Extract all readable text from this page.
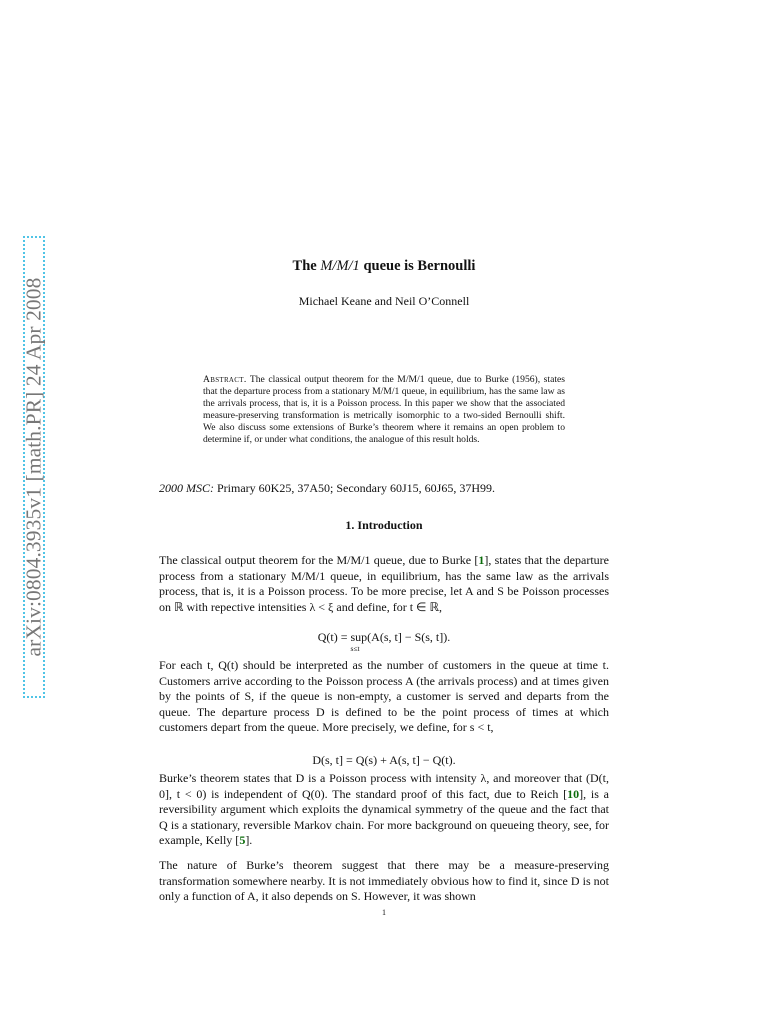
arXiv:0804.3935v1 [math.PR] 24 Apr 2008
The M/M/1 queue is Bernoulli
Michael Keane and Neil O’Connell
Abstract. The classical output theorem for the M/M/1 queue, due to Burke (1956), states that the departure process from a stationary M/M/1 queue, in equilibrium, has the same law as the arrivals process, that is, it is a Poisson process. In this paper we show that the associated measure-preserving transformation is metrically isomorphic to a two-sided Bernoulli shift. We also discuss some extensions of Burke’s theorem where it remains an open problem to determine if, or under what conditions, the analogue of this result holds.
2000 MSC: Primary 60K25, 37A50; Secondary 60J15, 60J65, 37H99.
1. Introduction
The classical output theorem for the M/M/1 queue, due to Burke [1], states that the departure process from a stationary M/M/1 queue, in equilibrium, has the same law as the arrivals process, that is, it is a Poisson process. To be more precise, let A and S be Poisson processes on ℝ with repective intensities λ < ξ and define, for t ∈ ℝ,
Q(t) = sup(A(s, t] − S(s, t]).
s≤t
For each t, Q(t) should be interpreted as the number of customers in the queue at time t. Customers arrive according to the Poisson process A (the arrivals process) and at times given by the points of S, if the queue is non-empty, a customer is served and departs from the queue. The departure process D is defined to be the point process of times at which customers depart from the queue. More precisely, we define, for s < t,
D(s, t] = Q(s) + A(s, t] − Q(t).
Burke’s theorem states that D is a Poisson process with intensity λ, and moreover that (D(t, 0], t < 0) is independent of Q(0). The standard proof of this fact, due to Reich [10], is a reversibility argument which exploits the dynamical symmetry of the queue and the fact that Q is a stationary, reversible Markov chain. For more background on queueing theory, see, for example, Kelly [5].
The nature of Burke’s theorem suggest that there may be a measure-preserving transformation somewhere nearby. It is not immediately obvious how to find it, since D is not only a function of A, it also depends on S. However, it was shown
1
